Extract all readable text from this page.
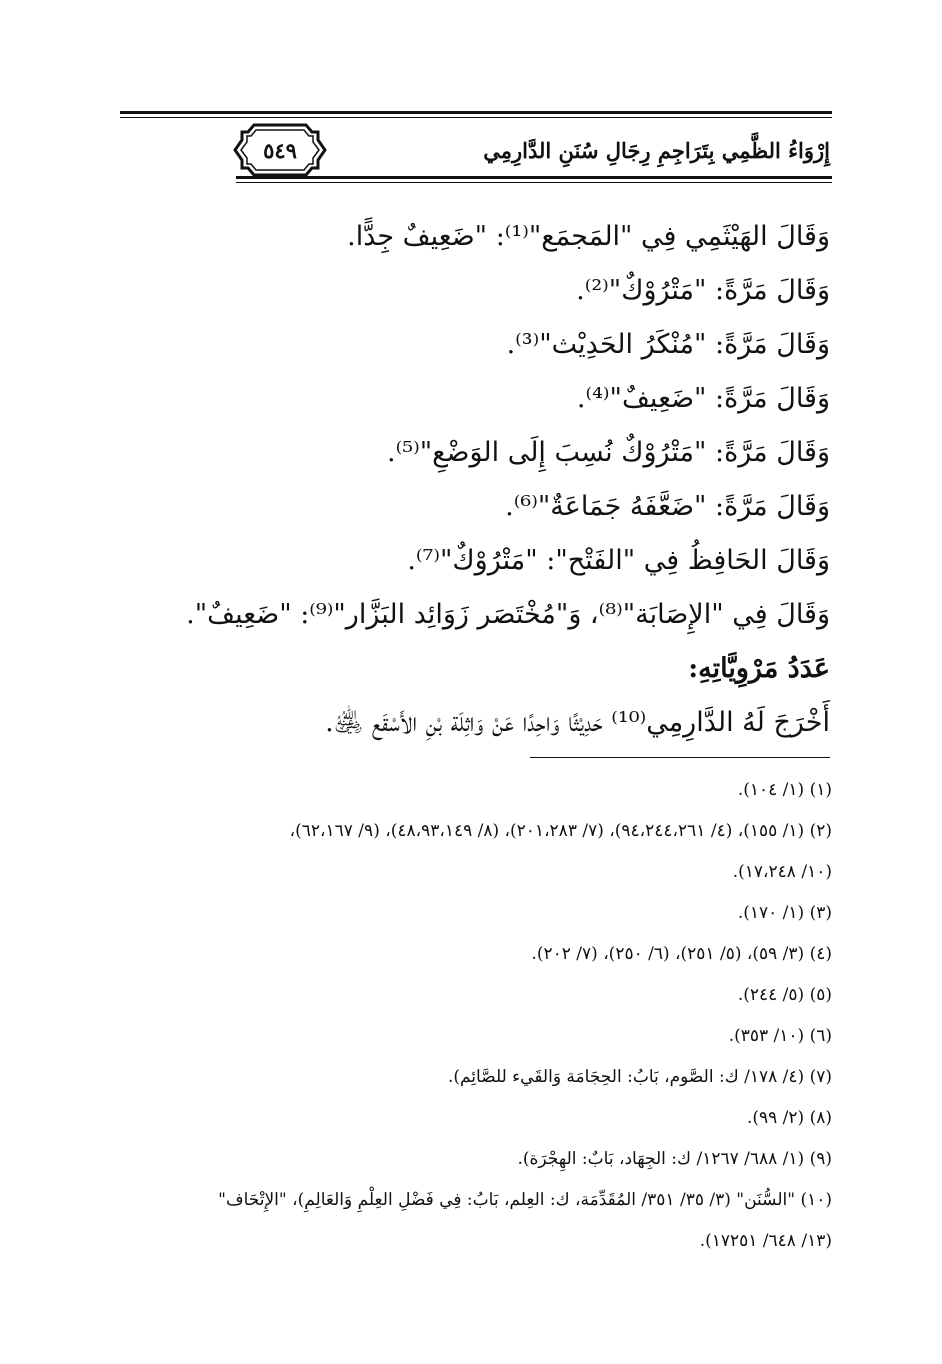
٥٤٩	إِرْوَاءُ الظَّمِي بِتَرَاجِمِ رِجَالِ سُنَنِ الدَّارِمِي
وَقَالَ الهَيْثَمِي فِي "المَجمَع"⁽¹⁾: "ضَعِيفٌ جِدًّا.
وَقَالَ مَرَّةً: "مَتْرُوْكٌ"⁽²⁾.
وَقَالَ مَرَّةً: "مُنْكَرُ الحَدِيْث"⁽³⁾.
وَقَالَ مَرَّةً: "ضَعِيفٌ"⁽⁴⁾.
وَقَالَ مَرَّةً: "مَتْرُوْكٌ نُسِبَ إِلَى الوَضْعِ"⁽⁵⁾.
وَقَالَ مَرَّةً: "ضَعَّفَهُ جَمَاعَةٌ"⁽⁶⁾.
وَقَالَ الحَافِظُ فِي "الفَتْح": "مَتْرُوْكٌ"⁽⁷⁾.
وَقَالَ فِي "الإِصَابَة"⁽⁸⁾، وَ"مُخْتَصَر زَوَائِد البَزَّار"⁽⁹⁾: "ضَعِيفٌ".
عَدَدُ مَرْوِيَّاتِهِ:
أَخْرَجَ لَهُ الدَّارِمِي⁽¹⁰⁾ حَدِيْثًا وَاحِدًا عَنْ وَاثِلَة بْنِ الأَسْقَع ﵁.
(١) (١/ ١٠٤).
(٢) (١/ ١٥٥)، (٤/ ٩٤،٢٤٤،٢٦١)، (٧/ ٢٠١،٢٨٣)، (٨/ ٤٨،٩٣،١٤٩)، (٩/ ٦٢،١٦٧)،
(١٠/ ١٧،٢٤٨).
(٣) (١/ ١٧٠).
(٤) (٣/ ٥٩)، (٥/ ٢٥١)، (٦/ ٢٥٠)، (٧/ ٢٠٢).
(٥) (٥/ ٢٤٤).
(٦) (١٠/ ٣٥٣).
(٧) (٤/ ١٧٨/ ك: الصَّوم، بَابُ: الحِجَامَة وَالقَيء للصَّائِم).
(٨) (٢/ ٩٩).
(٩) (١/ ٦٨٨/ ١٢٦٧/ ك: الجِهَاد، بَابٌ: الهِجْرَة).
(١٠) "السُّنَن" (٣/ ٣٥/ ٣٥١/ المُقَدِّمَة، ك: العِلم، بَابُ: فِي فَضْلِ العِلْمِ وَالعَالِمِ)، "الإِتْحَاف"
(١٣/ ٦٤٨/ ١٧٢٥١).
